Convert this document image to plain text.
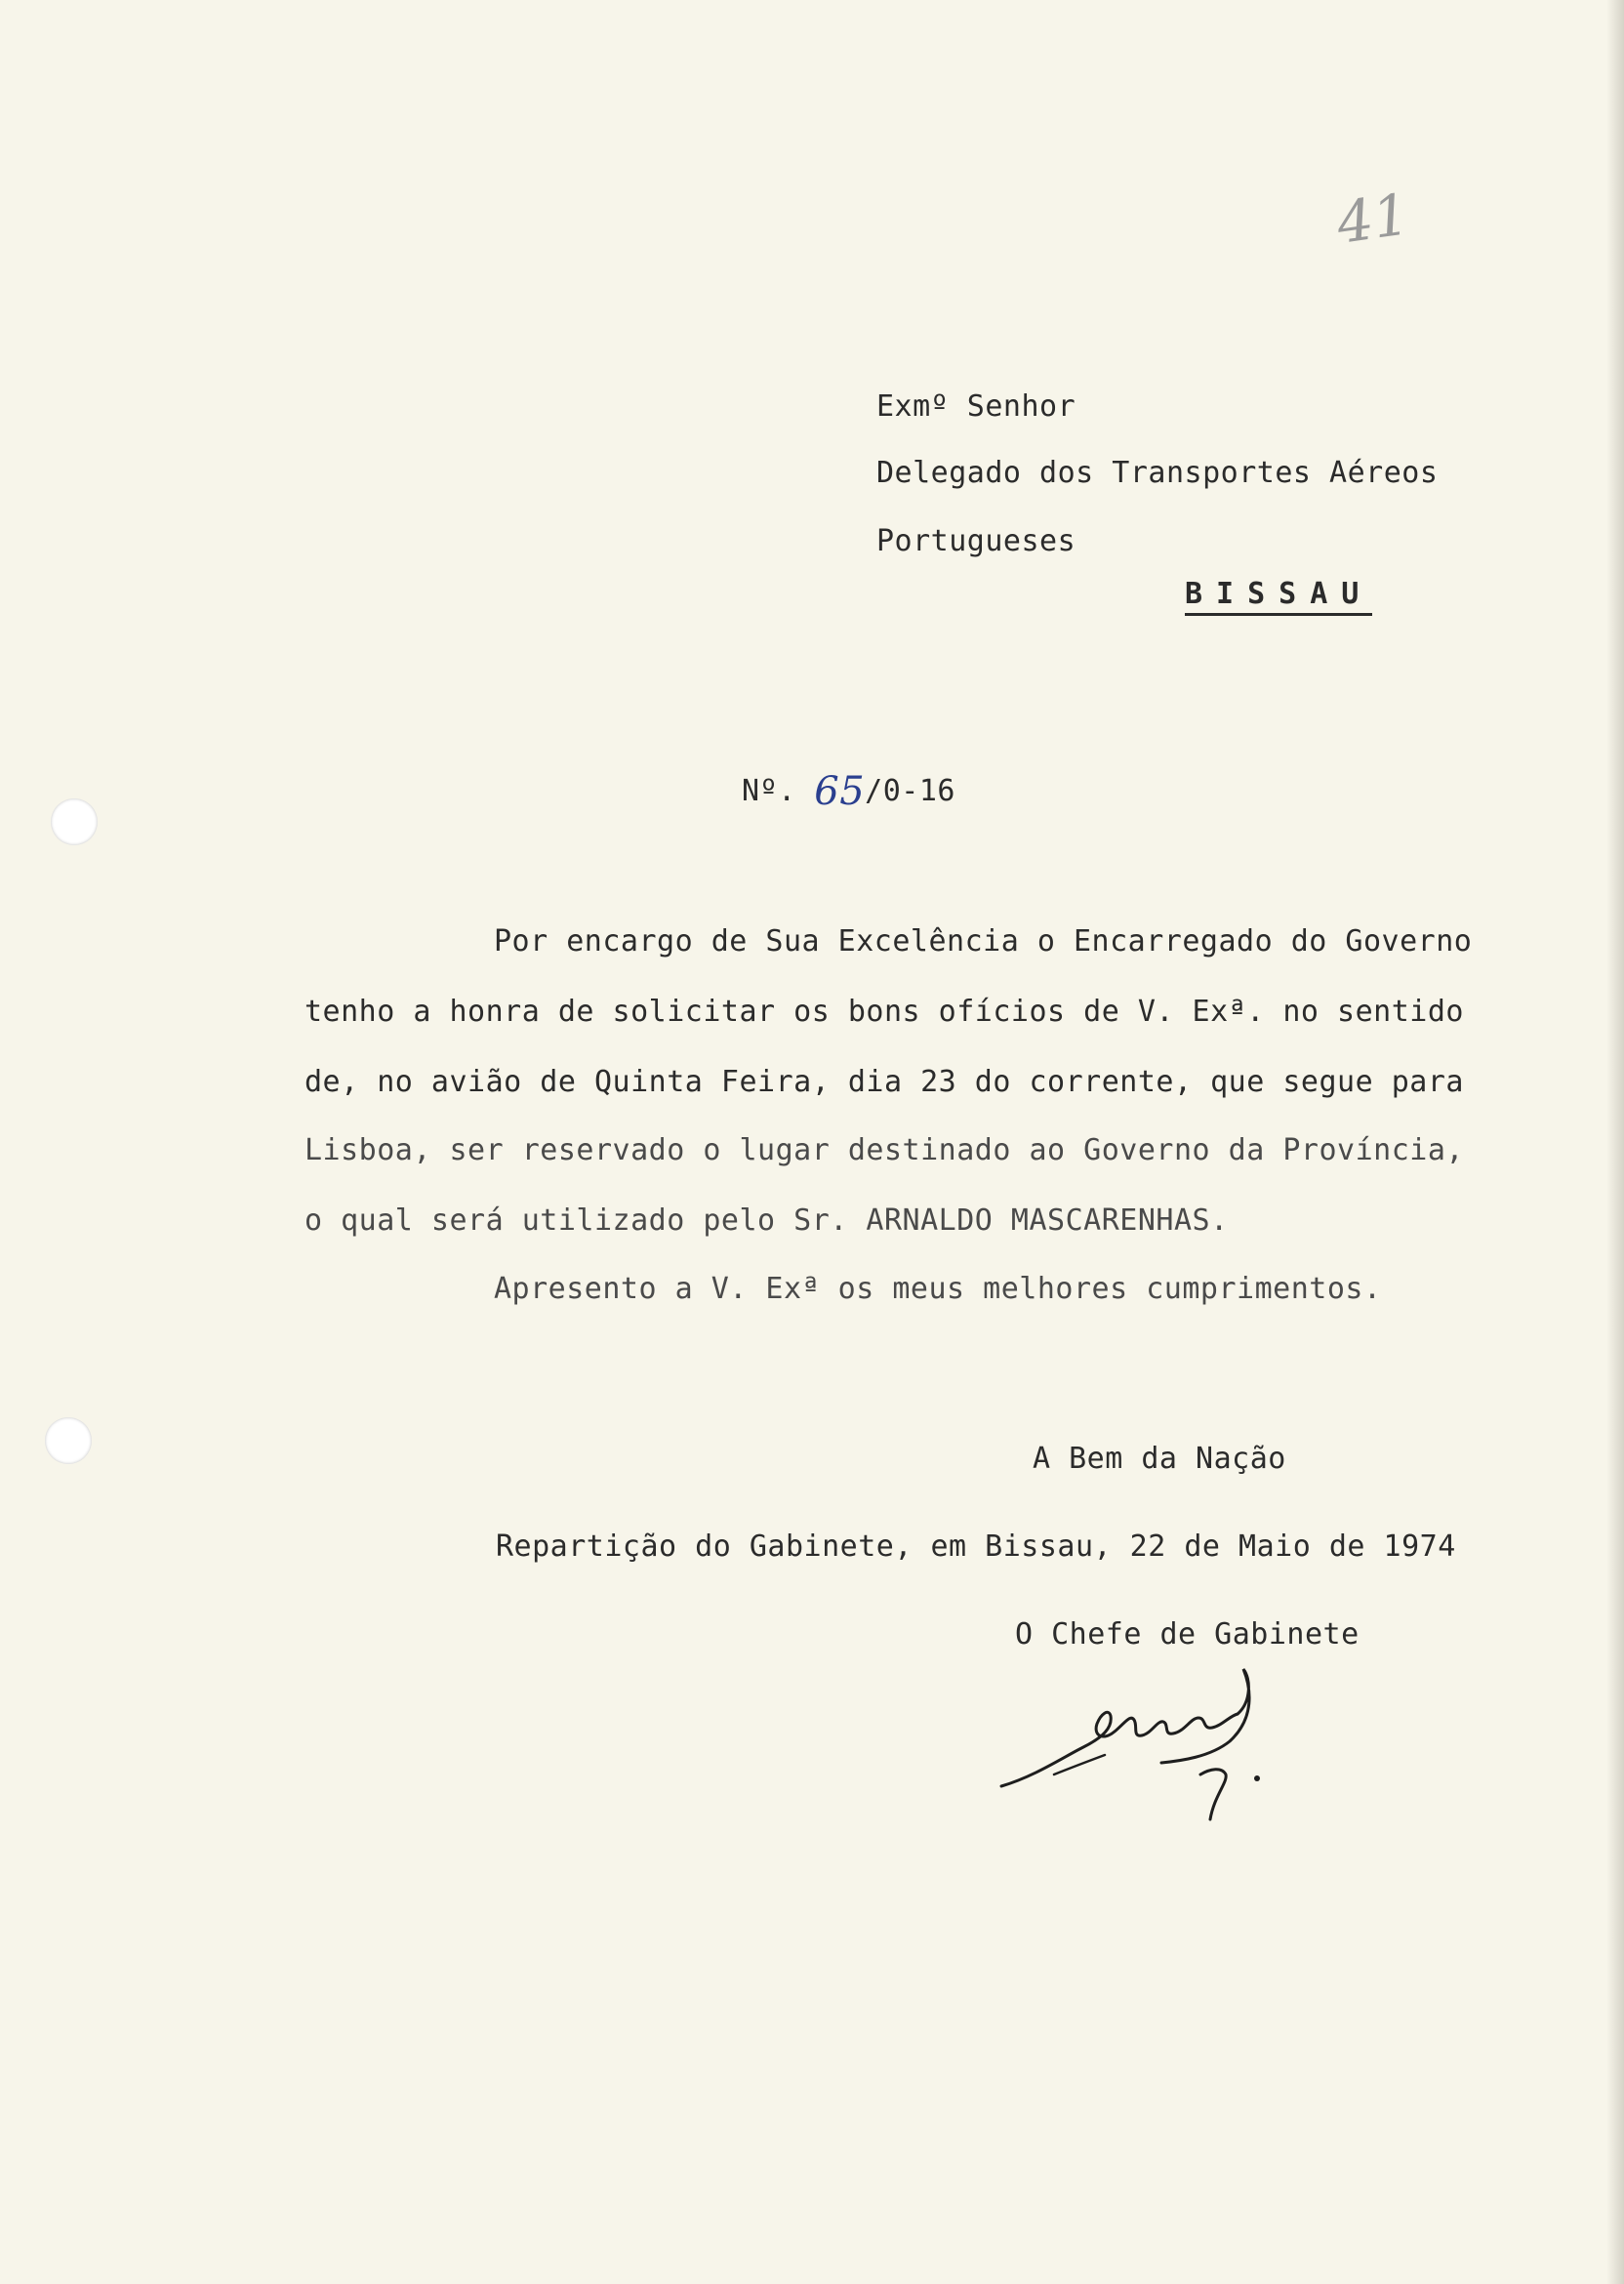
41
Exmº Senhor
Delegado dos Transportes Aéreos
Portugueses
BISSAU
Nº. 65/0-16
Por encargo de Sua Excelência o Encarregado do Governo
tenho a honra de solicitar os bons ofícios de V. Exª. no sentido
de, no avião de Quinta Feira, dia 23 do corrente, que segue para
Lisboa, ser reservado o lugar destinado ao Governo da Província,
o qual será utilizado pelo Sr. ARNALDO MASCARENHAS.
Apresento a V. Exª os meus melhores cumprimentos.
A Bem da Nação
Repartição do Gabinete, em Bissau, 22 de Maio de 1974
O Chefe de Gabinete
